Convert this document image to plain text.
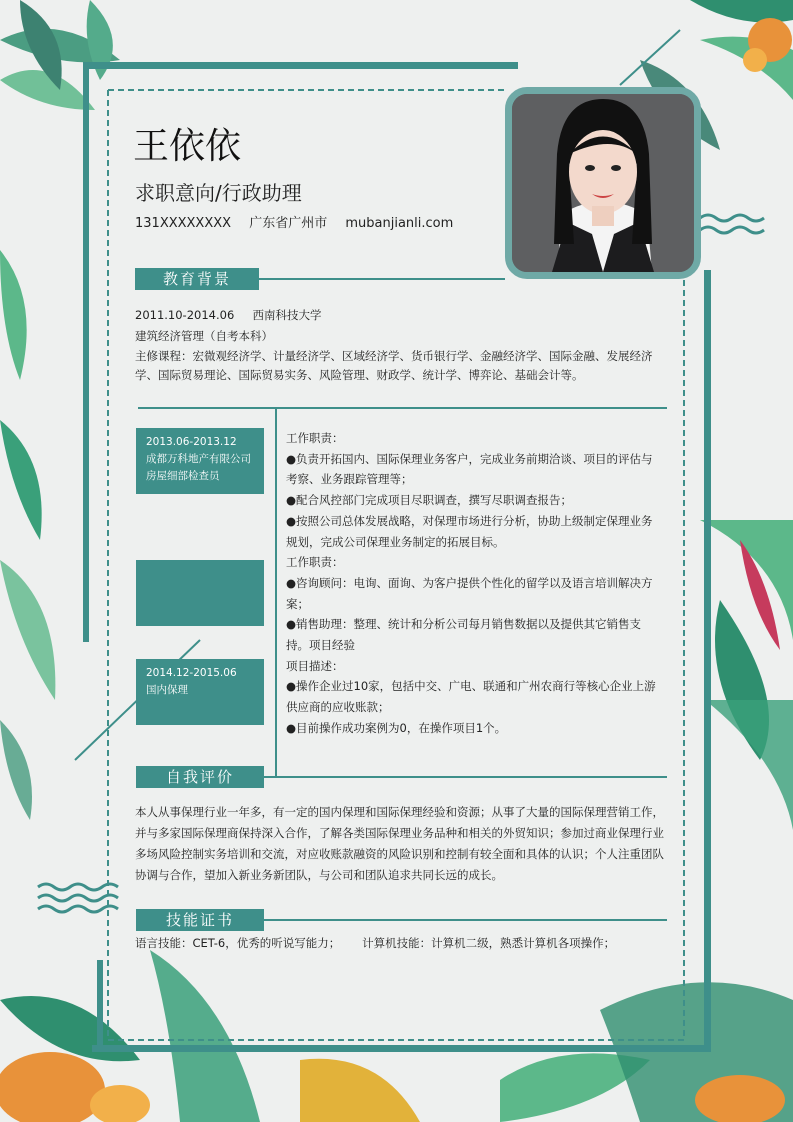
王依依
求职意向/行政助理
131XXXXXXXX 广东省广州市 mubanjianli.com
教育背景
2011.10-2014.06 西南科技大学
建筑经济管理（自考本科）
主修课程：宏微观经济学、计量经济学、区域经济学、货币银行学、金融经济学、国际金融、发展经济学、国际贸易理论、国际贸易实务、风险管理、财政学、统计学、博弈论、基础会计等。
2013.06-2013.12
成都万科地产有限公司
房屋细部检查员
2014.12-2015.06
国内保理

工作职责：

●负责开拓国内、国际保理业务客户，完成业务前期洽谈、项目的评估与考察、业务跟踪管理等；

●配合风控部门完成项目尽职调查，撰写尽职调查报告；

●按照公司总体发展战略，对保理市场进行分析，协助上级制定保理业务规划，完成公司保理业务制定的拓展目标。

工作职责：

●咨询顾问：电询、面询、为客户提供个性化的留学以及语言培训解决方案；

●销售助理：整理、统计和分析公司每月销售数据以及提供其它销售支持。项目经验

项目描述：

●操作企业过10家，包括中交、广电、联通和广州农商行等核心企业上游供应商的应收账款；

●目前操作成功案例为0，在操作项目1个。

自我评价
本人从事保理行业一年多，有一定的国内保理和国际保理经验和资源；从事了大量的国际保理营销工作，并与多家国际保理商保持深入合作，了解各类国际保理业务品种和相关的外贸知识；参加过商业保理行业多场风险控制实务培训和交流，对应收账款融资的风险识别和控制有较全面和具体的认识；个人注重团队协调与合作，望加入新业务新团队，与公司和团队追求共同长远的成长。
技能证书
语言技能：CET-6，优秀的听说写能力； 计算机技能：计算机二级，熟悉计算机各项操作；
